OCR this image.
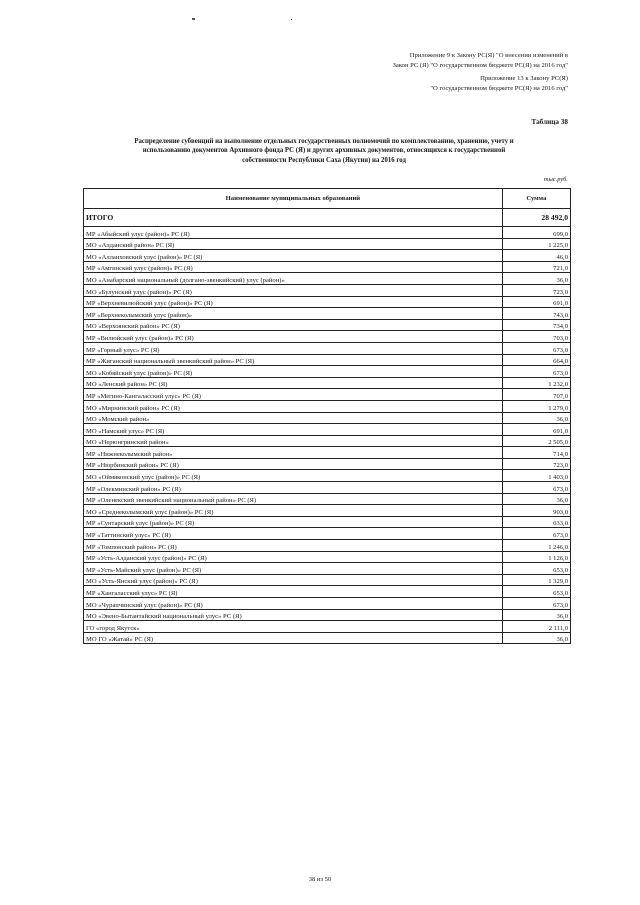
Приложение 9 к Закону РС(Я) "О внесении изменений в
Закон РС (Я) "О государственном бюджете РС(Я) на 2016 год"
Приложение 13 к Закону РС(Я)
"О государственном бюджете РС(Я) на 2016 год"
Таблица 38
Распределение субвенций на выполнение отдельных государственных полномочий по комплектованию, хранению, учету и
использованию документов Архивного фонда РС (Я) и других архивных документов, относящихся к государственной
собственности Республики Саха (Якутия) на 2016 год
тыс.руб.
Наименование муниципальных образований	Сумма
ИТОГО	28 492,0
МР «Абыйский улус (район)» РС (Я)	699,0
МО «Алданский район» РС (Я)	1 225,0
МО «Аллаиховский улус (район)» РС (Я)	46,0
МР «Амгинский улус (район)» РС (Я)	721,0
МО «Анабарский национальный (долгано-эвенкийский) улус (район)»	36,0
МО «Булунский улус (район)» РС (Я)	723,0
МР «Верхневилюйский улус (район)» РС (Я)	691,0
МР «Верхнеколымский улус (район)»	743,0
МО «Верхоянский район» РС (Я)	734,0
МР «Вилюйский улус (район)» РС (Я)	703,0
МР «Горный улус» РС (Я)	673,0
МР «Жиганский национальный эвенкийский район» РС (Я)	664,0
МО «Кобяйский улус (район)» РС (Я)	673,0
МО «Ленский район» РС (Я)	1 232,0
МР «Мегино-Кангаласский улус» РС (Я)	707,0
МО «Мирнинский район» РС (Я)	1 279,0
МО «Момский район»	36,0
МО «Намский улус» РС (Я)	691,0
МО «Нерюнгринский район»	2 505,0
МР «Нижнеколымский район»	714,0
МР «Нюрбинский район» РС (Я)	723,0
МО «Оймяконский улус (район)» РС (Я)	1 403,0
МР «Олекминский район» РС (Я)	673,0
МР «Оленекский эвенкийский национальный район» РС (Я)	36,0
МО «Среднеколымский улус (район)» РС (Я)	903,0
МР «Сунтарский улус (район)» РС (Я)	633,0
МР «Таттинский улус» РС (Я)	673,0
МР «Томпонский район» РС (Я)	1 246,0
МР «Усть-Алданский улус (район)» РС (Я)	1 126,0
МР «Усть-Майский улус (район)» РС (Я)	653,0
МО «Усть-Янский улус (район)» РС (Я)	1 329,0
МР «Хангаласский улус» РС (Я)	653,0
МО «Чурапчинский улус (район)» РС (Я)	673,0
МО «Эвено-Бытантайский национальный улус» РС (Я)	36,0
ГО «город Якутск»	2 111,0
МО ГО «Жатай» РС (Я)	36,0
38 из 50
